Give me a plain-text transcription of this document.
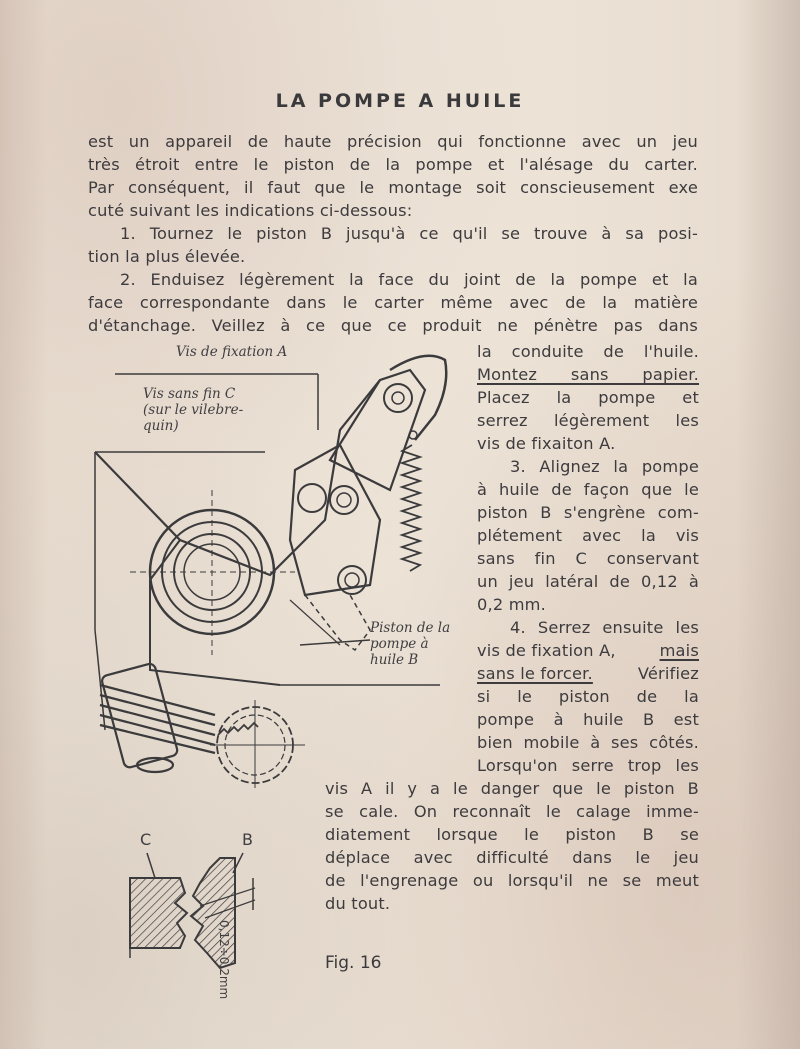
LA POMPE A HUILE
est un appareil de haute précision qui fonctionne avec un jeu
très étroit entre le piston de la pompe et l'alésage du carter.
Par conséquent, il faut que le montage soit conscieusement exe
cuté suivant les indications ci-dessous:
1. Tournez le piston B jusqu'à ce qu'il se trouve à sa posi-
tion la plus élevée.
2. Enduisez légèrement la face du joint de la pompe et la
face correspondante dans le carter même avec de la matière
d'étanchage. Veillez à ce que ce produit ne pénètre pas dans
la conduite de l'huile.
Montez sans papier.
Placez la pompe et
serrez légèrement les
vis de fixaiton A.
3. Alignez la pompe
à huile de façon que le
piston B s'engrène com-
plétement avec la vis
sans fin C conservant
un jeu latéral de 0,12 à
0,2 mm.
4. Serrez ensuite les
vis de fixation A,	mais
sans le forcer.	Vérifiez
si le piston de la
pompe à huile B est
bien mobile à ses côtés.
Lorsqu'on serre trop les
vis A il y a le danger que le piston B
se cale. On reconnaît le calage imme-
diatement lorsque le piston B se
déplace avec difficulté dans le jeu
de l'engrenage ou lorsqu'il ne se meut
du tout.
Vis de fixation A
Vis sans fin C
(sur le vilebre-
quin)
Piston de la
pompe à
huile B
C	B
0,12÷0,2mm	Fig. 16
